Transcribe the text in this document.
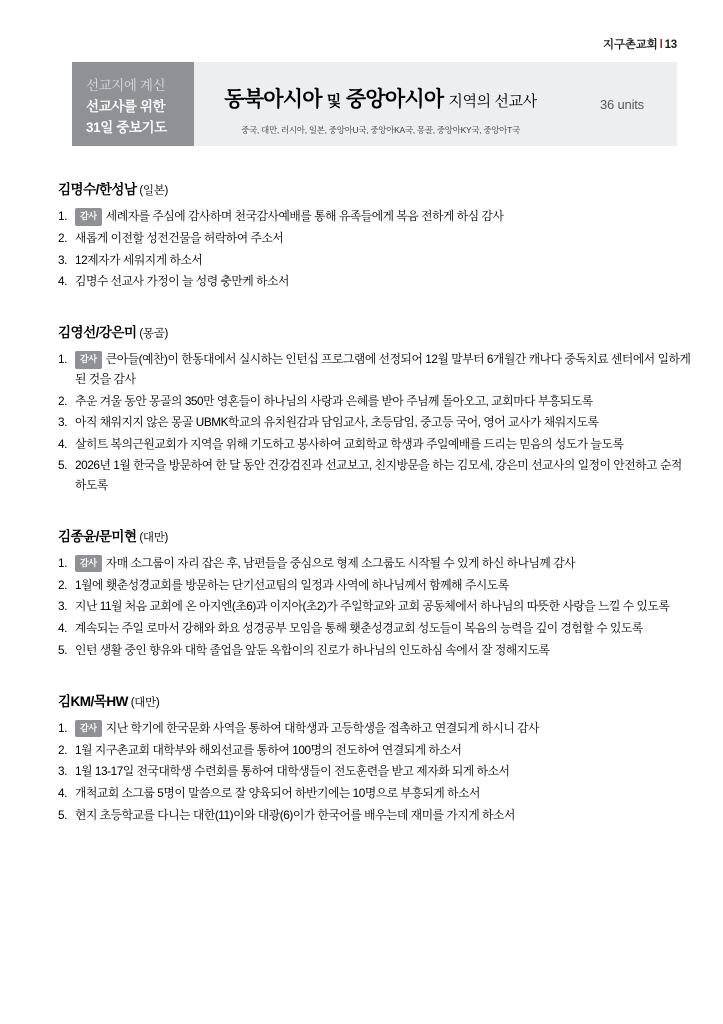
지구촌교회 l 13
선교지에 계신
선교사를 위한
31일 중보기도
동북아시아 및 중앙아시아 지역의 선교사
중국, 대만, 러시아, 일본, 중앙아U국, 중앙아KA국, 몽골, 중앙아KY국, 중앙아T국
36 units
김명수/한성남 (일본)
1.	감사 세례자를 주심에 감사하며 천국감사예배를 통해 유족들에게 복음 전하게 하심 감사
2. 새롭게 이전할 성전건물을 허락하여 주소서
3. 12제자가 세워지게 하소서
4. 김명수 선교사 가정이 늘 성령 충만케 하소서
김영선/강은미 (몽골)
1.	감사 큰아들(예찬)이 한동대에서 실시하는 인턴십 프로그램에 선정되어 12월 말부터 6개월간 캐나다 중독치료 센터에서 일하게 된 것을 감사
2. 추운 겨울 동안 몽골의 350만 영혼들이 하나님의 사랑과 은혜를 받아 주님께 돌아오고, 교회마다 부흥되도록
3. 아직 채워지지 않은 몽골 UBMK학교의 유치원감과 담임교사, 초등담임, 중고등 국어, 영어 교사가 채워지도록
4. 살히트 복의근원교회가 지역을 위해 기도하고 봉사하여 교회학교 학생과 주일예배를 드리는 믿음의 성도가 늘도록
5. 2026년 1월 한국을 방문하여 한 달 동안 건강검진과 선교보고, 친지방문을 하는 김모세, 강은미 선교사의 일정이 안전하고 순적하도록
김종윤/문미현 (대만)
1.	감사 자매 소그룹이 자리 잡은 후, 남편들을 중심으로 형제 소그룹도 시작될 수 있게 하신 하나님께 감사
2. 1월에 횃춘성경교회를 방문하는 단기선교팀의 일정과 사역에 하나님께서 함께해 주시도록
3. 지난 11월 처음 교회에 온 아지엔(초6)과 이지아(초2)가 주일학교와 교회 공동체에서 하나님의 따뜻한 사랑을 느낄 수 있도록
4. 계속되는 주일 로마서 강해와 화요 성경공부 모임을 통해 횃춘성경교회 성도들이 복음의 능력을 깊이 경험할 수 있도록
5. 인턴 생활 중인 향유와 대학 졸업을 앞둔 옥합이의 진로가 하나님의 인도하심 속에서 잘 정해지도록
김KM/목HW (대만)
1.	감사 지난 학기에 한국문화 사역을 통하여 대학생과 고등학생을 접촉하고 연결되게 하시니 감사
2. 1월 지구촌교회 대학부와 해외선교를 통하여 100명의 전도하여 연결되게 하소서
3. 1월 13-17일 전국대학생 수련회를 통하여 대학생들이 전도훈련을 받고 제자화 되게 하소서
4. 개척교회 소그룹 5명이 말씀으로 잘 양육되어 하반기에는 10명으로 부흥되게 하소서
5. 현지 초등학교를 다니는 대한(11)이와 대광(6)이가 한국어를 배우는데 재미를 가지게 하소서
